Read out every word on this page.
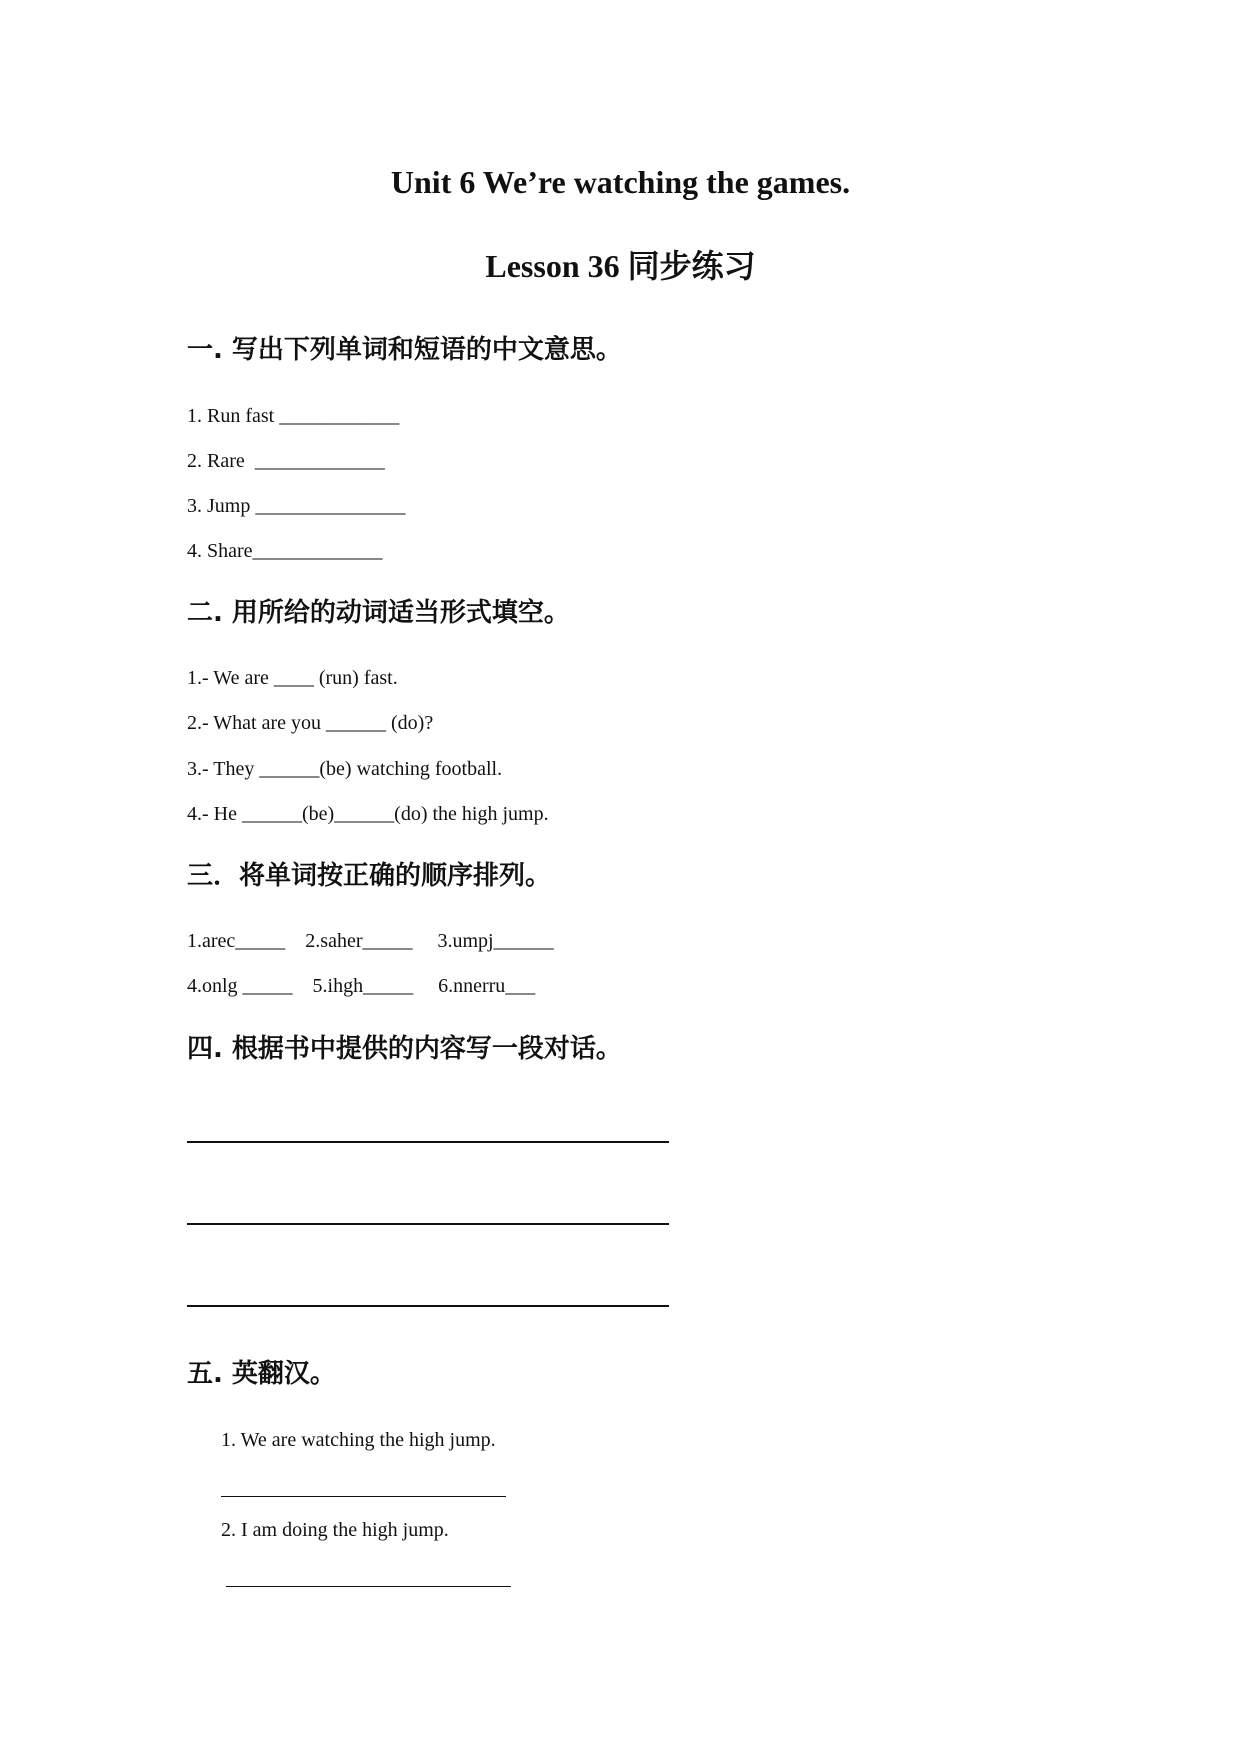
Unit 6 We’re watching the games.
Lesson 36 同步练习
一. 写出下列单词和短语的中文意思。
1. Run fast ____________
2. Rare  _____________
3. Jump _______________
4. Share_____________
二. 用所给的动词适当形式填空。
1.- We are ____ (run) fast.
2.- What are you ______ (do)?
3.- They ______(be) watching football.
4.- He ______(be)______(do) the high jump.
三．将单词按正确的顺序排列。
1.arec_____    2.saher_____     3.umpj______
4.onlg _____    5.ihgh_____     6.nnerru___
四. 根据书中提供的内容写一段对话。
五. 英翻汉。
1. We are watching the high jump.
2. I am doing the high jump.
